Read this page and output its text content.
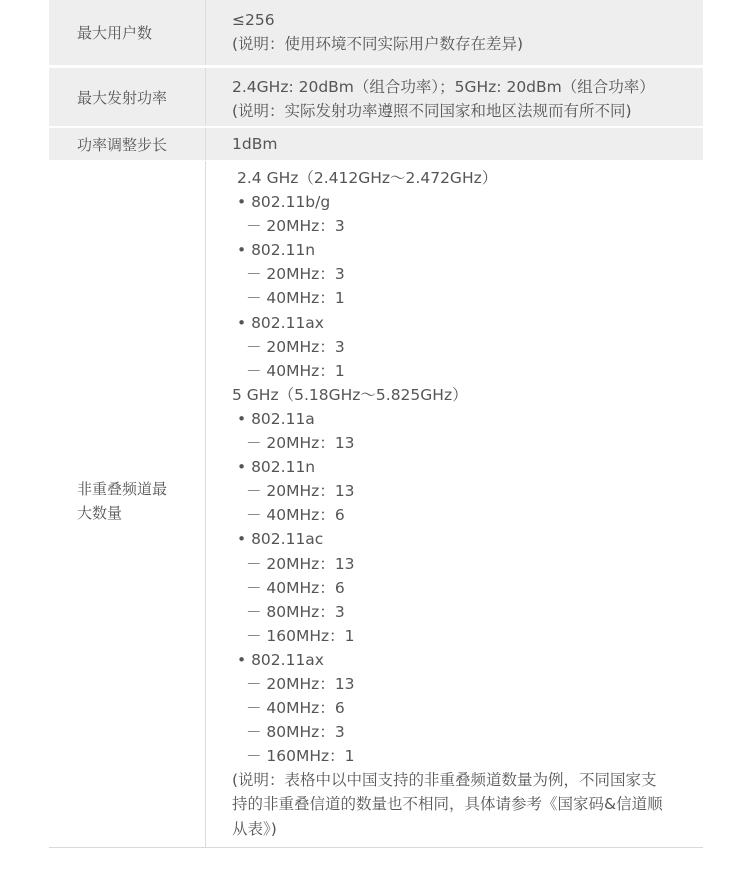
最大用户数
≤256
(说明：使用环境不同实际用户数存在差异)
最大发射功率
2.4GHz: 20dBm（组合功率）；5GHz: 20dBm（组合功率）
(说明：实际发射功率遵照不同国家和地区法规而有所不同)
功率调整步长	1dBm
非重叠频道最
大数量
2.4 GHz（2.412GHz～2.472GHz）
• 802.11b/g
－ 20MHz：3
• 802.11n
－ 20MHz：3
－ 40MHz：1
• 802.11ax
－ 20MHz：3
－ 40MHz：1
5 GHz（5.18GHz～5.825GHz）
• 802.11a
－ 20MHz：13
• 802.11n
－ 20MHz：13
－ 40MHz：6
• 802.11ac
－ 20MHz：13
－ 40MHz：6
－ 80MHz：3
－ 160MHz：1
• 802.11ax
－ 20MHz：13
－ 40MHz：6
－ 80MHz：3
－ 160MHz：1
(说明：表格中以中国支持的非重叠频道数量为例，不同国家支
持的非重叠信道的数量也不相同，具体请参考《国家码&信道顺
从表》)
